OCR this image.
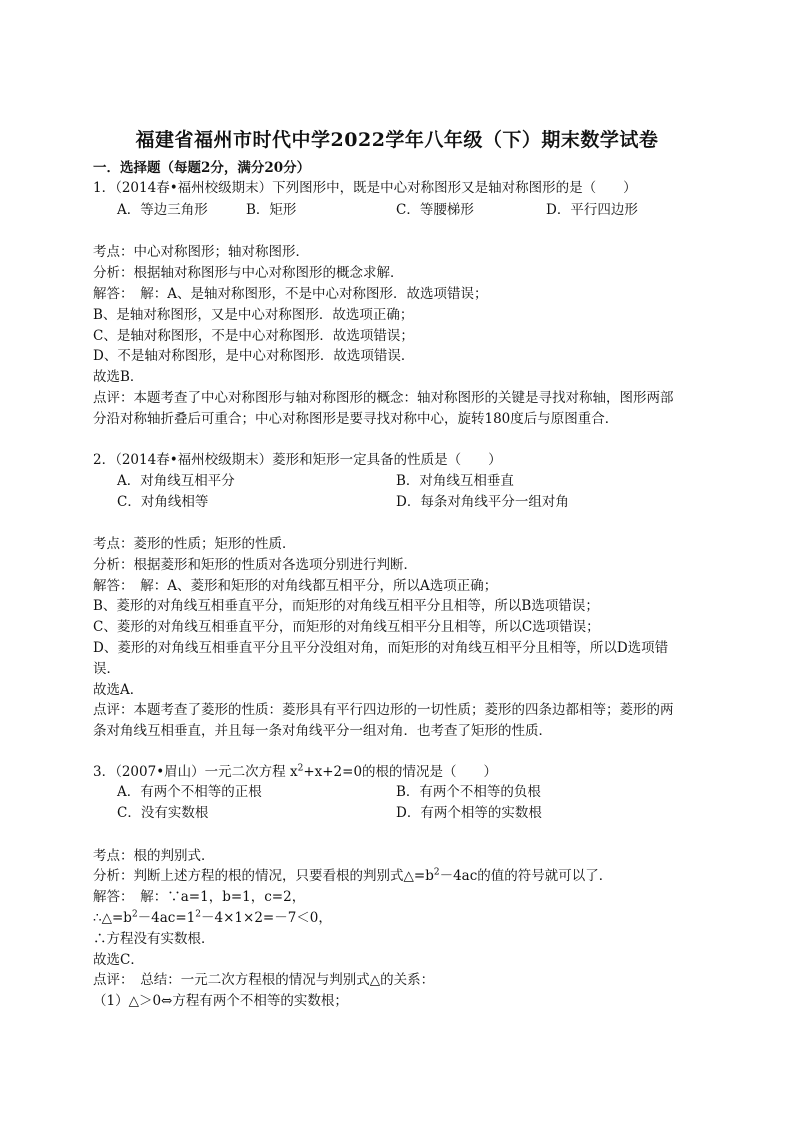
福建省福州市时代中学2022学年八年级（下）期末数学试卷
一．选择题（每题2分，满分20分）
1．（2014春•福州校级期末）下列图形中，既是中心对称图形又是轴对称图形的是（　　）
A．等边三角形	B．矩形	C．等腰梯形	D．平行四边形
考点：中心对称图形；轴对称图形．
分析：根据轴对称图形与中心对称图形的概念求解．
解答：　解：A、是轴对称图形，不是中心对称图形．故选项错误；
B、是轴对称图形，又是中心对称图形．故选项正确；
C、是轴对称图形，不是中心对称图形．故选项错误；
D、不是轴对称图形，是中心对称图形．故选项错误．
故选B．
点评：本题考查了中心对称图形与轴对称图形的概念：轴对称图形的关键是寻找对称轴，图形两部
分沿对称轴折叠后可重合；中心对称图形是要寻找对称中心，旋转180度后与原图重合．
2．（2014春•福州校级期末）菱形和矩形一定具备的性质是（　　）
A．对角线互相平分	B．对角线互相垂直
C．对角线相等	D．每条对角线平分一组对角
考点：菱形的性质；矩形的性质．
分析：根据菱形和矩形的性质对各选项分别进行判断．
解答：　解：A、菱形和矩形的对角线都互相平分，所以A选项正确；
B、菱形的对角线互相垂直平分，而矩形的对角线互相平分且相等，所以B选项错误；
C、菱形的对角线互相垂直平分，而矩形的对角线互相平分且相等，所以C选项错误；
D、菱形的对角线互相垂直平分且平分没组对角，而矩形的对角线互相平分且相等，所以D选项错
误．
故选A．
点评：本题考查了菱形的性质：菱形具有平行四边形的一切性质；菱形的四条边都相等；菱形的两
条对角线互相垂直，并且每一条对角线平分一组对角．也考查了矩形的性质．
3．（2007•眉山）一元二次方程 $x^2+x+2=0$的根的情况是（　　）
A．有两个不相等的正根	B．有两个不相等的负根
C．没有实数根	D．有两个相等的实数根
考点：根的判别式．
分析：判断上述方程的根的情况，只要看根的判别式$\triangle=b^2-4ac$的值的符号就可以了．
解答：　解：∵a=1，b=1，c=2，
$\therefore\triangle=b^2-4ac=1^2-4\times 1\times 2=-7<0$，
∴方程没有实数根．
故选C．
点评：　总结：一元二次方程根的情况与判别式△的关系：
（1）△＞0⇔方程有两个不相等的实数根；
